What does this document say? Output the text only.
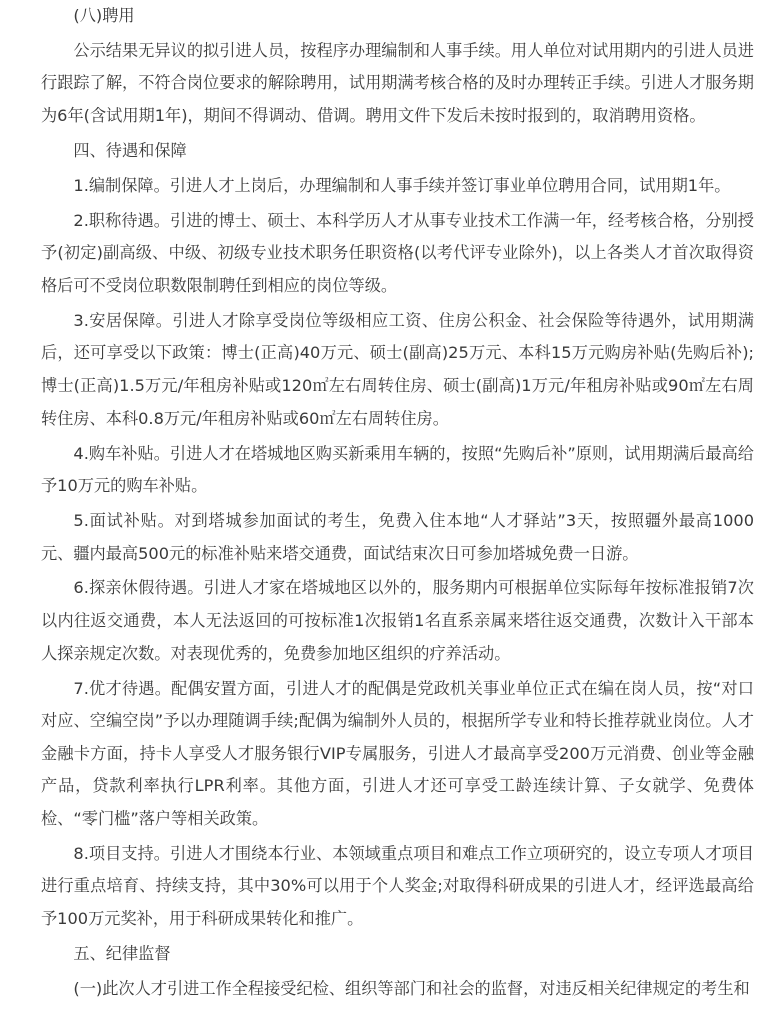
(八)聘用

公示结果无异议的拟引进人员，按程序办理编制和人事手续。用人单位对试用期内的引进人员进行跟踪了解，不符合岗位要求的解除聘用，试用期满考核合格的及时办理转正手续。引进人才服务期为6年(含试用期1年)，期间不得调动、借调。聘用文件下发后未按时报到的，取消聘用资格。

四、待遇和保障

1.编制保障。引进人才上岗后，办理编制和人事手续并签订事业单位聘用合同，试用期1年。

2.职称待遇。引进的博士、硕士、本科学历人才从事专业技术工作满一年，经考核合格，分别授予(初定)副高级、中级、初级专业技术职务任职资格(以考代评专业除外)，以上各类人才首次取得资格后可不受岗位职数限制聘任到相应的岗位等级。

3.安居保障。引进人才除享受岗位等级相应工资、住房公积金、社会保险等待遇外，试用期满后，还可享受以下政策：博士(正高)40万元、硕士(副高)25万元、本科15万元购房补贴(先购后补);博士(正高)1.5万元/年租房补贴或120㎡左右周转住房、硕士(副高)1万元/年租房补贴或90㎡左右周转住房、本科0.8万元/年租房补贴或60㎡左右周转住房。

4.购车补贴。引进人才在塔城地区购买新乘用车辆的，按照“先购后补”原则，试用期满后最高给予10万元的购车补贴。

5.面试补贴。对到塔城参加面试的考生，免费入住本地“人才驿站”3天，按照疆外最高1000元、疆内最高500元的标准补贴来塔交通费，面试结束次日可参加塔城免费一日游。

6.探亲休假待遇。引进人才家在塔城地区以外的，服务期内可根据单位实际每年按标准报销7次以内往返交通费，本人无法返回的可按标准1次报销1名直系亲属来塔往返交通费，次数计入干部本人探亲规定次数。对表现优秀的，免费参加地区组织的疗养活动。

7.优才待遇。配偶安置方面，引进人才的配偶是党政机关事业单位正式在编在岗人员，按“对口对应、空编空岗”予以办理随调手续;配偶为编制外人员的，根据所学专业和特长推荐就业岗位。人才金融卡方面，持卡人享受人才服务银行VIP专属服务，引进人才最高享受200万元消费、创业等金融产品，贷款利率执行LPR利率。其他方面，引进人才还可享受工龄连续计算、子女就学、免费体检、“零门槛”落户等相关政策。

8.项目支持。引进人才围绕本行业、本领域重点项目和难点工作立项研究的，设立专项人才项目进行重点培育、持续支持，其中30%可以用于个人奖金;对取得科研成果的引进人才，经评选最高给予100万元奖补，用于科研成果转化和推广。

五、纪律监督

(一)此次人才引进工作全程接受纪检、组织等部门和社会的监督，对违反相关纪律规定的考生和
